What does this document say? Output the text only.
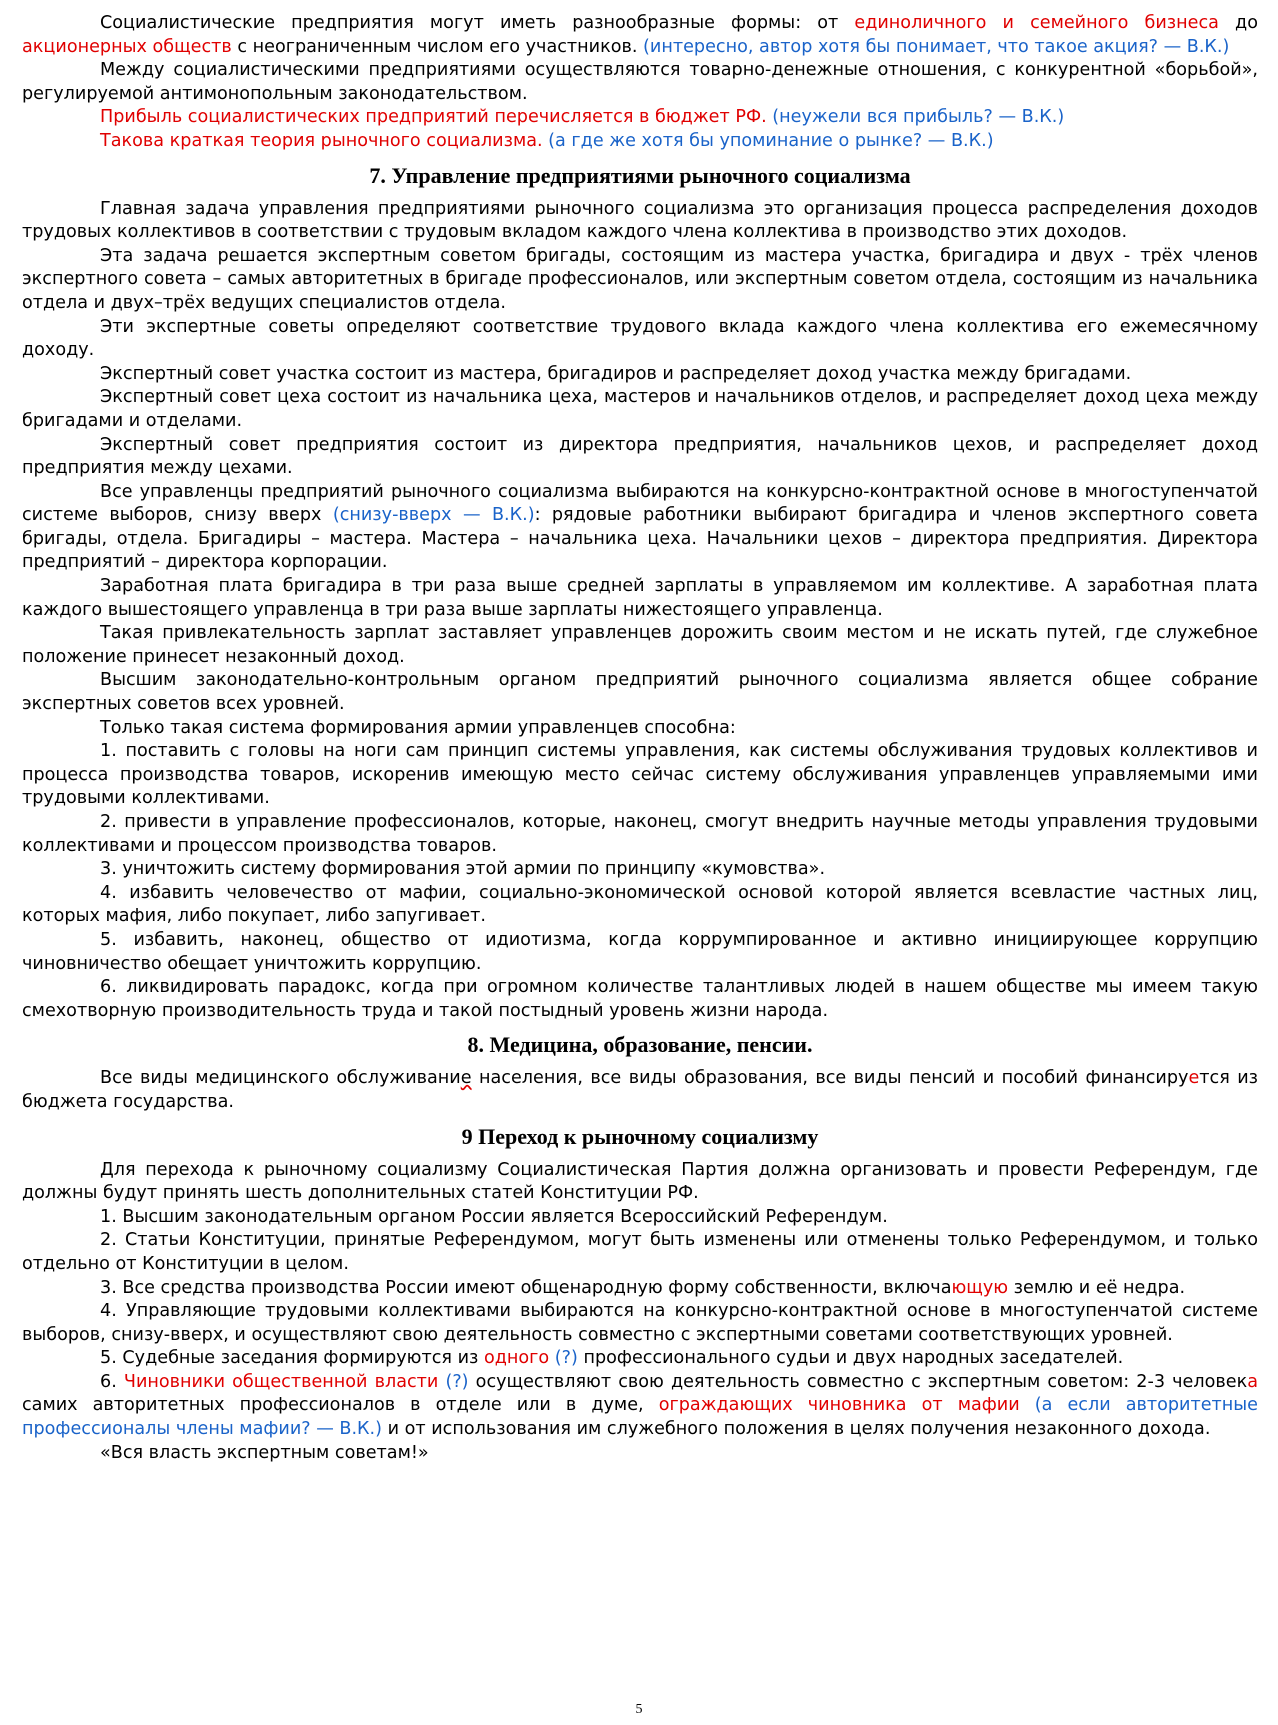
Социалистические предприятия могут иметь разнообразные формы: от единоличного и семейного бизнеса до акционерных обществ с неограниченным числом его участников. (интересно, автор хотя бы понимает, что такое акция? — В.К.)

Между социалистическими предприятиями осуществляются товарно-денежные отношения, с конкурентной «борьбой», регулируемой антимонопольным законодательством.

Прибыль социалистических предприятий перечисляется в бюджет РФ. (неужели вся прибыль? — В.К.)

Такова краткая теория рыночного социализма. (а где же хотя бы упоминание о рынке? — В.К.)

7. Управление предприятиями рыночного социализма

Главная задача управления предприятиями рыночного социализма это организация процесса распределения доходов трудовых коллективов в соответствии с трудовым вкладом каждого члена коллектива в производство этих доходов.

Эта задача решается экспертным советом бригады, состоящим из мастера участка, бригадира и двух - трёх членов экспертного совета – самых авторитетных в бригаде профессионалов, или экспертным советом отдела, состоящим из начальника отдела и двух–трёх ведущих специалистов отдела.

Эти экспертные советы определяют соответствие трудового вклада каждого члена коллектива его ежемесячному доходу.

Экспертный совет участка состоит из мастера, бригадиров и распределяет доход участка между бригадами.

Экспертный совет цеха состоит из начальника цеха, мастеров и начальников отделов, и распределяет доход цеха между бригадами и отделами.

Экспертный совет предприятия состоит из директора предприятия, начальников цехов, и распределяет доход предприятия между цехами.

Все управленцы предприятий рыночного социализма выбираются на конкурсно-контрактной основе в многоступенчатой системе выборов, снизу вверх (снизу-вверх — В.К.): рядовые работники выбирают бригадира и членов экспертного совета бригады, отдела. Бригадиры – мастера. Мастера – начальника цеха. Начальники цехов – директора предприятия. Директора предприятий – директора корпорации.

Заработная плата бригадира в три раза выше средней зарплаты в управляемом им коллективе. А заработная плата каждого вышестоящего управленца в три раза выше зарплаты нижестоящего управленца.

Такая привлекательность зарплат заставляет управленцев дорожить своим местом и не искать путей, где служебное положение принесет незаконный доход.

Высшим законодательно-контрольным органом предприятий рыночного социализма является общее собрание экспертных советов всех уровней.

Только такая система формирования армии управленцев способна:

1. поставить с головы на ноги сам принцип системы управления, как системы обслуживания трудовых коллективов и процесса производства товаров, искоренив имеющую место сейчас систему обслуживания управленцев управляемыми ими трудовыми коллективами.

2. привести в управление профессионалов, которые, наконец, смогут внедрить научные методы управления трудовыми коллективами и процессом производства товаров.

3. уничтожить систему формирования этой армии по принципу «кумовства».

4. избавить человечество от мафии, социально-экономической основой которой является всевластие частных лиц, которых мафия, либо покупает, либо запугивает.

5. избавить, наконец, общество от идиотизма, когда коррумпированное и активно инициирующее коррупцию чиновничество обещает уничтожить коррупцию.

6. ликвидировать парадокс, когда при огромном количестве талантливых людей в нашем обществе мы имеем такую смехотворную производительность труда и такой постыдный уровень жизни народа.

8. Медицина, образование, пенсии.

Все виды медицинского обслуживание населения, все виды образования, все виды пенсий и пособий финансируется из бюджета государства.

9 Переход к рыночному социализму

Для перехода к рыночному социализму Социалистическая Партия должна организовать и провести Референдум, где должны будут принять шесть дополнительных статей Конституции РФ.

1. Высшим законодательным органом России является Всероссийский Референдум.

2. Статьи Конституции, принятые Референдумом, могут быть изменены или отменены только Референдумом, и только отдельно от Конституции в целом.

3. Все средства производства России имеют общенародную форму собственности, включающую землю и её недра.

4. Управляющие трудовыми коллективами выбираются на конкурсно-контрактной основе в многоступенчатой системе выборов, снизу-вверх, и осуществляют свою деятельность совместно с экспертными советами соответствующих уровней.

5. Судебные заседания формируются из одного (?) профессионального судьи и двух народных заседателей.

6. Чиновники общественной власти (?) осуществляют свою деятельность совместно с экспертным советом: 2-3 человека самих авторитетных профессионалов в отделе или в думе, ограждающих чиновника от мафии (а если авторитетные профессионалы члены мафии? — В.К.) и от использования им служебного положения в целях получения незаконного дохода.

«Вся власть экспертным советам!»

5
